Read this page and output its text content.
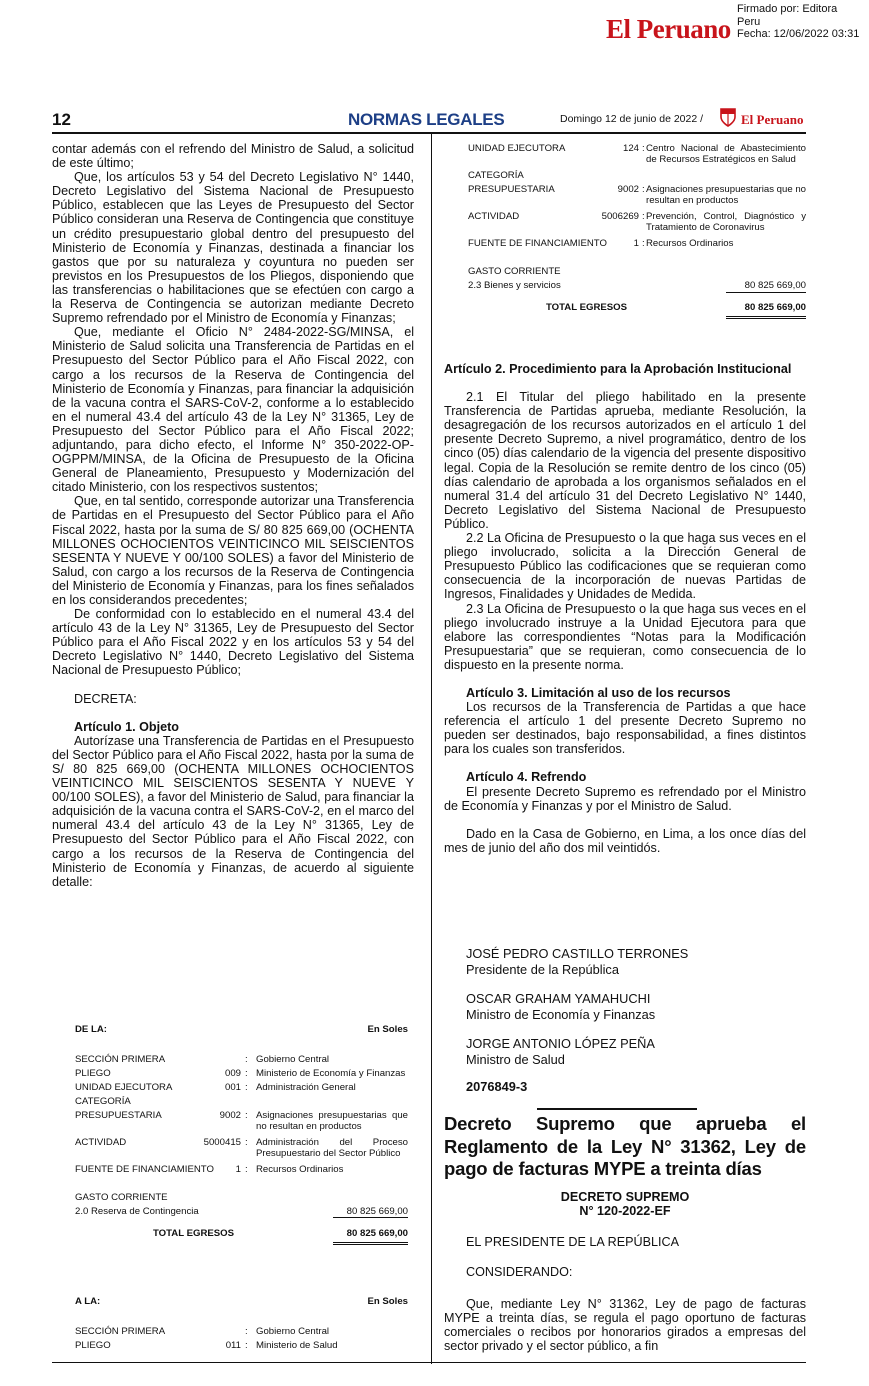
El Peruano
Firmado por: Editora
Peru
Fecha: 12/06/2022 03:31
12	NORMAS LEGALES	Domingo 12 de junio de 2022 /	El Peruano

contar además con el refrendo del Ministro de Salud, a solicitud de este último;

Que, los artículos 53 y 54 del Decreto Legislativo N° 1440, Decreto Legislativo del Sistema Nacional de Presupuesto Público, establecen que las Leyes de Presupuesto del Sector Público consideran una Reserva de Contingencia que constituye un crédito presupuestario global dentro del presupuesto del Ministerio de Economía y Finanzas, destinada a financiar los gastos que por su naturaleza y coyuntura no pueden ser previstos en los Presupuestos de los Pliegos, disponiendo que las transferencias o habilitaciones que se efectúen con cargo a la Reserva de Contingencia se autorizan mediante Decreto Supremo refrendado por el Ministro de Economía y Finanzas;

Que, mediante el Oficio N° 2484-2022-SG/MINSA, el Ministerio de Salud solicita una Transferencia de Partidas en el Presupuesto del Sector Público para el Año Fiscal 2022, con cargo a los recursos de la Reserva de Contingencia del Ministerio de Economía y Finanzas, para financiar la adquisición de la vacuna contra el SARS-CoV-2, conforme a lo establecido en el numeral 43.4 del artículo 43 de la Ley N° 31365, Ley de Presupuesto del Sector Público para el Año Fiscal 2022; adjuntando, para dicho efecto, el Informe N° 350-2022-OP-OGPPM/MINSA, de la Oficina de Presupuesto de la Oficina General de Planeamiento, Presupuesto y Modernización del citado Ministerio, con los respectivos sustentos;

Que, en tal sentido, corresponde autorizar una Transferencia de Partidas en el Presupuesto del Sector Público para el Año Fiscal 2022, hasta por la suma de S/ 80 825 669,00 (OCHENTA MILLONES OCHOCIENTOS VEINTICINCO MIL SEISCIENTOS SESENTA Y NUEVE Y 00/100 SOLES) a favor del Ministerio de Salud, con cargo a los recursos de la Reserva de Contingencia del Ministerio de Economía y Finanzas, para los fines señalados en los considerandos precedentes;

De conformidad con lo establecido en el numeral 43.4 del artículo 43 de la Ley N° 31365, Ley de Presupuesto del Sector Público para el Año Fiscal 2022 y en los artículos 53 y 54 del Decreto Legislativo N° 1440, Decreto Legislativo del Sistema Nacional de Presupuesto Público;

DECRETA:

Artículo 1. Objeto

Autorízase una Transferencia de Partidas en el Presupuesto del Sector Público para el Año Fiscal 2022, hasta por la suma de S/ 80 825 669,00 (OCHENTA MILLONES OCHOCIENTOS VEINTICINCO MIL SEISCIENTOS SESENTA Y NUEVE Y 00/100 SOLES), a favor del Ministerio de Salud, para financiar la adquisición de la vacuna contra el SARS-CoV-2, en el marco del numeral 43.4 del artículo 43 de la Ley N° 31365, Ley de Presupuesto del Sector Público para el Año Fiscal 2022, con cargo a los recursos de la Reserva de Contingencia del Ministerio de Economía y Finanzas, de acuerdo al siguiente detalle:

DE LA:	En Soles
SECCIÓN PRIMERA	: Gobierno Central
PLIEGO	009 : Ministerio de Economía y Finanzas
UNIDAD EJECUTORA	001 : Administración General
CATEGORÍA
PRESUPUESTARIA	9002 : Asignaciones presupuestarias que no resultan en productos
ACTIVIDAD	5000415 : Administración del Proceso Presupuestario del Sector Público
FUENTE DE FINANCIAMIENTO	1 : Recursos Ordinarios
GASTO CORRIENTE
2.0 Reserva de Contingencia	80 825 669,00
TOTAL EGRESOS	80 825 669,00
A LA:	En Soles
SECCIÓN PRIMERA	: Gobierno Central
PLIEGO	011 : Ministerio de Salud
UNIDAD EJECUTORA	124 : Centro Nacional de Abastecimiento de Recursos Estratégicos en Salud
CATEGORÍA
PRESUPUESTARIA	9002 : Asignaciones presupuestarias que no resultan en productos
ACTIVIDAD	5006269 : Prevención, Control, Diagnóstico y Tratamiento de Coronavirus
FUENTE DE FINANCIAMIENTO	1 : Recursos Ordinarios
GASTO CORRIENTE
2.3 Bienes y servicios	80 825 669,00
TOTAL EGRESOS	80 825 669,00
Artículo 2. Procedimiento para la Aprobación Institucional

2.1 El Titular del pliego habilitado en la presente Transferencia de Partidas aprueba, mediante Resolución, la desagregación de los recursos autorizados en el artículo 1 del presente Decreto Supremo, a nivel programático, dentro de los cinco (05) días calendario de la vigencia del presente dispositivo legal. Copia de la Resolución se remite dentro de los cinco (05) días calendario de aprobada a los organismos señalados en el numeral 31.4 del artículo 31 del Decreto Legislativo N° 1440, Decreto Legislativo del Sistema Nacional de Presupuesto Público.

2.2 La Oficina de Presupuesto o la que haga sus veces en el pliego involucrado, solicita a la Dirección General de Presupuesto Público las codificaciones que se requieran como consecuencia de la incorporación de nuevas Partidas de Ingresos, Finalidades y Unidades de Medida.

2.3 La Oficina de Presupuesto o la que haga sus veces en el pliego involucrado instruye a la Unidad Ejecutora para que elabore las correspondientes “Notas para la Modificación Presupuestaria” que se requieran, como consecuencia de lo dispuesto en la presente norma.

Artículo 3. Limitación al uso de los recursos

Los recursos de la Transferencia de Partidas a que hace referencia el artículo 1 del presente Decreto Supremo no pueden ser destinados, bajo responsabilidad, a fines distintos para los cuales son transferidos.

Artículo 4. Refrendo

El presente Decreto Supremo es refrendado por el Ministro de Economía y Finanzas y por el Ministro de Salud.

Dado en la Casa de Gobierno, en Lima, a los once días del mes de junio del año dos mil veintidós.

JOSÉ PEDRO CASTILLO TERRONES
Presidente de la República
OSCAR GRAHAM YAMAHUCHI
Ministro de Economía y Finanzas
JORGE ANTONIO LÓPEZ PEÑA
Ministro de Salud
2076849-3
Decreto Supremo que aprueba el Reglamento de la Ley N° 31362, Ley de pago de facturas MYPE a treinta días
DECRETO SUPREMO
N° 120-2022-EF
EL PRESIDENTE DE LA REPÚBLICA
CONSIDERANDO:

Que, mediante Ley N° 31362, Ley de pago de facturas MYPE a treinta días, se regula el pago oportuno de facturas comerciales o recibos por honorarios girados a empresas del sector privado y el sector público, a fin
